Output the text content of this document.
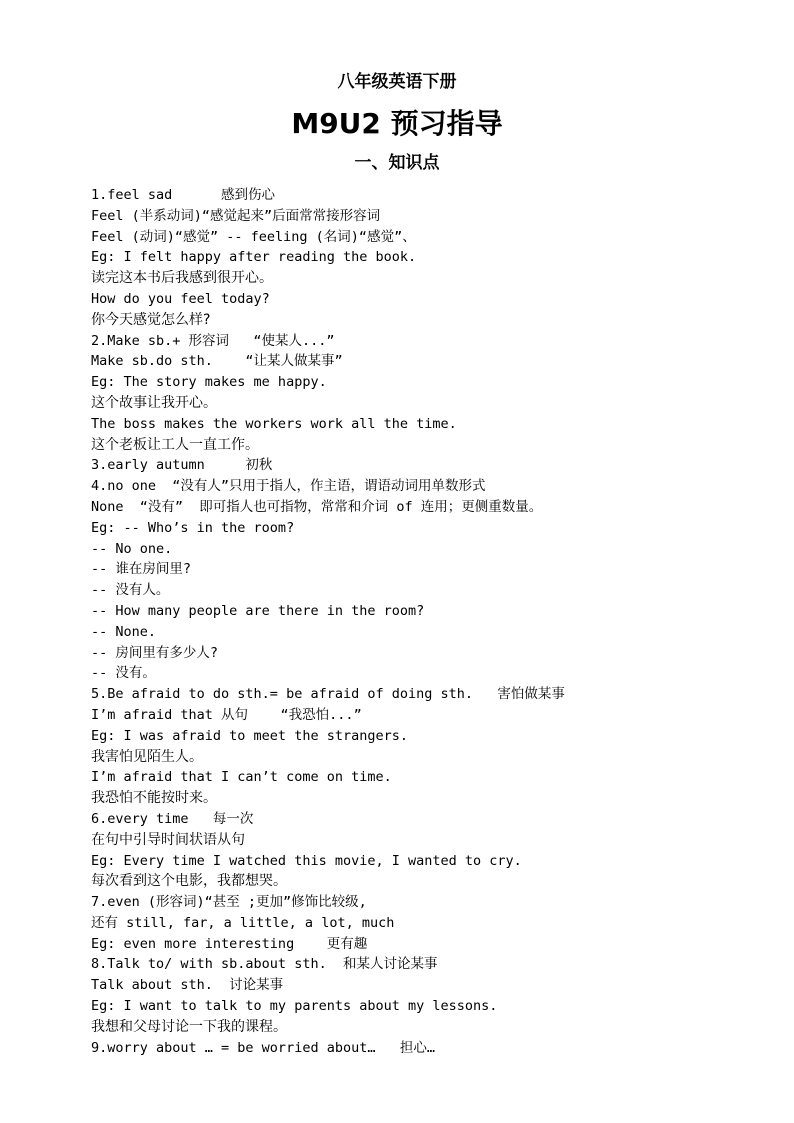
八年级英语下册
M9U2 预习指导
一、知识点
1.feel sad      感到伤心
Feel (半系动词)“感觉起来”后面常常接形容词
Feel (动词)“感觉” -- feeling (名词)“感觉”、
Eg: I felt happy after reading the book.
读完这本书后我感到很开心。
How do you feel today?
你今天感觉怎么样?
2.Make sb.+ 形容词   “使某人...”
Make sb.do sth.    “让某人做某事”
Eg: The story makes me happy.
这个故事让我开心。
The boss makes the workers work all the time.
这个老板让工人一直工作。
3.early autumn     初秋
4.no one  “没有人”只用于指人，作主语，谓语动词用单数形式
None  “没有”  即可指人也可指物，常常和介词 of 连用；更侧重数量。
Eg: -- Who’s in the room?
-- No one.
-- 谁在房间里?
-- 没有人。
-- How many people are there in the room?
-- None.
-- 房间里有多少人?
-- 没有。
5.Be afraid to do sth.= be afraid of doing sth.   害怕做某事
I’m afraid that 从句    “我恐怕...”
Eg: I was afraid to meet the strangers.
我害怕见陌生人。
I’m afraid that I can’t come on time.
我恐怕不能按时来。
6.every time   每一次
在句中引导时间状语从句
Eg: Every time I watched this movie, I wanted to cry.
每次看到这个电影，我都想哭。
7.even (形容词)“甚至 ;更加”修饰比较级,
还有 still, far, a little, a lot, much
Eg: even more interesting    更有趣
8.Talk to/ with sb.about sth.  和某人讨论某事
Talk about sth.  讨论某事
Eg: I want to talk to my parents about my lessons.
我想和父母讨论一下我的课程。
9.worry about … = be worried about…   担心…
